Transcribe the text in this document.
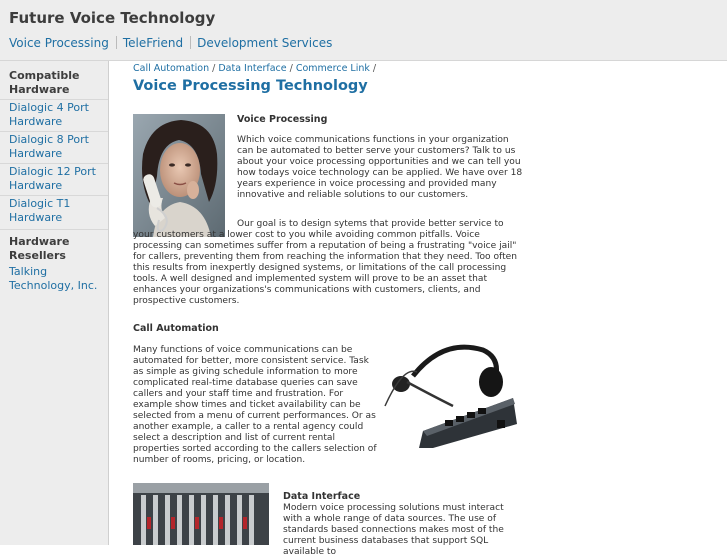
Future Voice Technology
Voice Processing TeleFriend Development Services
Compatible Hardware
Dialogic 4 Port Hardware
Dialogic 8 Port Hardware
Dialogic 12 Port Hardware
Dialogic T1 Hardware
Hardware Resellers
Talking Technology, Inc.
Call Automation / Data Interface / Commerce Link /
Voice Processing Technology
Voice Processing
Which voice communications functions in your organization can be automated to better serve your customers? Talk to us about your voice processing opportunities and we can tell you how todays voice technology can be applied. We have over 18 years experience in voice processing and provided many innovative and reliable solutions to our customers.
Our goal is to design sytems that provide better service to your customers at a lower cost to you while avoiding common pitfalls. Voice processing can sometimes suffer from a reputation of being a frustrating "voice jail" for callers, preventing them from reaching the information that they need. Too often this results from inexpertly designed systems, or limitations of the call processing tools. A well designed and implemented system will prove to be an asset that enhances your organizations's communications with customers, clients, and prospective customers.
Call Automation
Many functions of voice communications can be automated for better, more consistent service. Task as simple as giving schedule information to more complicated real-time database queries can save callers and your staff time and frustration. For example show times and ticket availability can be selected from a menu of current performances. Or as another example, a caller to a rental agency could select a description and list of current rental properties sorted according to the callers selection of number of rooms, pricing, or location.
Data Interface
Modern voice processing solutions must interact with a whole range of data sources. The use of standards based connections makes most of the current business databases that support SQL available to
